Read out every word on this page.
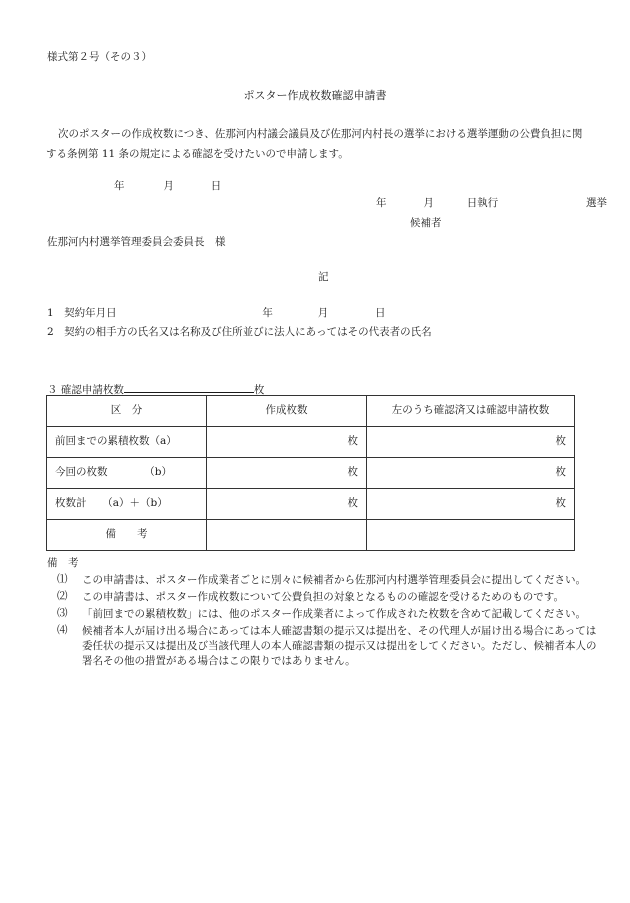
様式第２号（その３）
ポスター作成枚数確認申請書
次のポスターの作成枚数につき、佐那河内村議会議員及び佐那河内村長の選挙における選挙運動の公費負担に関する条例第 11 条の規定による確認を受けたいので申請します。
年	月	日
年	月	日執行	選挙
候補者
佐那河内村選挙管理委員会委員長　様
記
1　契約年月日	年	月	日
2　契約の相手方の氏名又は名称及び住所並びに法人にあってはその代表者の氏名
３ 確認申請枚数	枚
区　分	作成枚数	左のうち確認済又は確認申請枚数
前回までの累積枚数（a）	枚	枚
今回の枚数　　　　（b）	枚	枚
枚数計　　（a）＋（b）	枚	枚
備　　考		
備　考
⑴ この申請書は、ポスター作成業者ごとに別々に候補者から佐那河内村選挙管理委員会に提出してください。
⑵ この申請書は、ポスター作成枚数について公費負担の対象となるものの確認を受けるためのものです。
⑶ 「前回までの累積枚数」には、他のポスター作成業者によって作成された枚数を含めて記載してください。
⑷ 候補者本人が届け出る場合にあっては本人確認書類の提示又は提出を、その代理人が届け出る場合にあっては委任状の提示又は提出及び当該代理人の本人確認書類の提示又は提出をしてください。ただし、候補者本人の署名その他の措置がある場合はこの限りではありません。
